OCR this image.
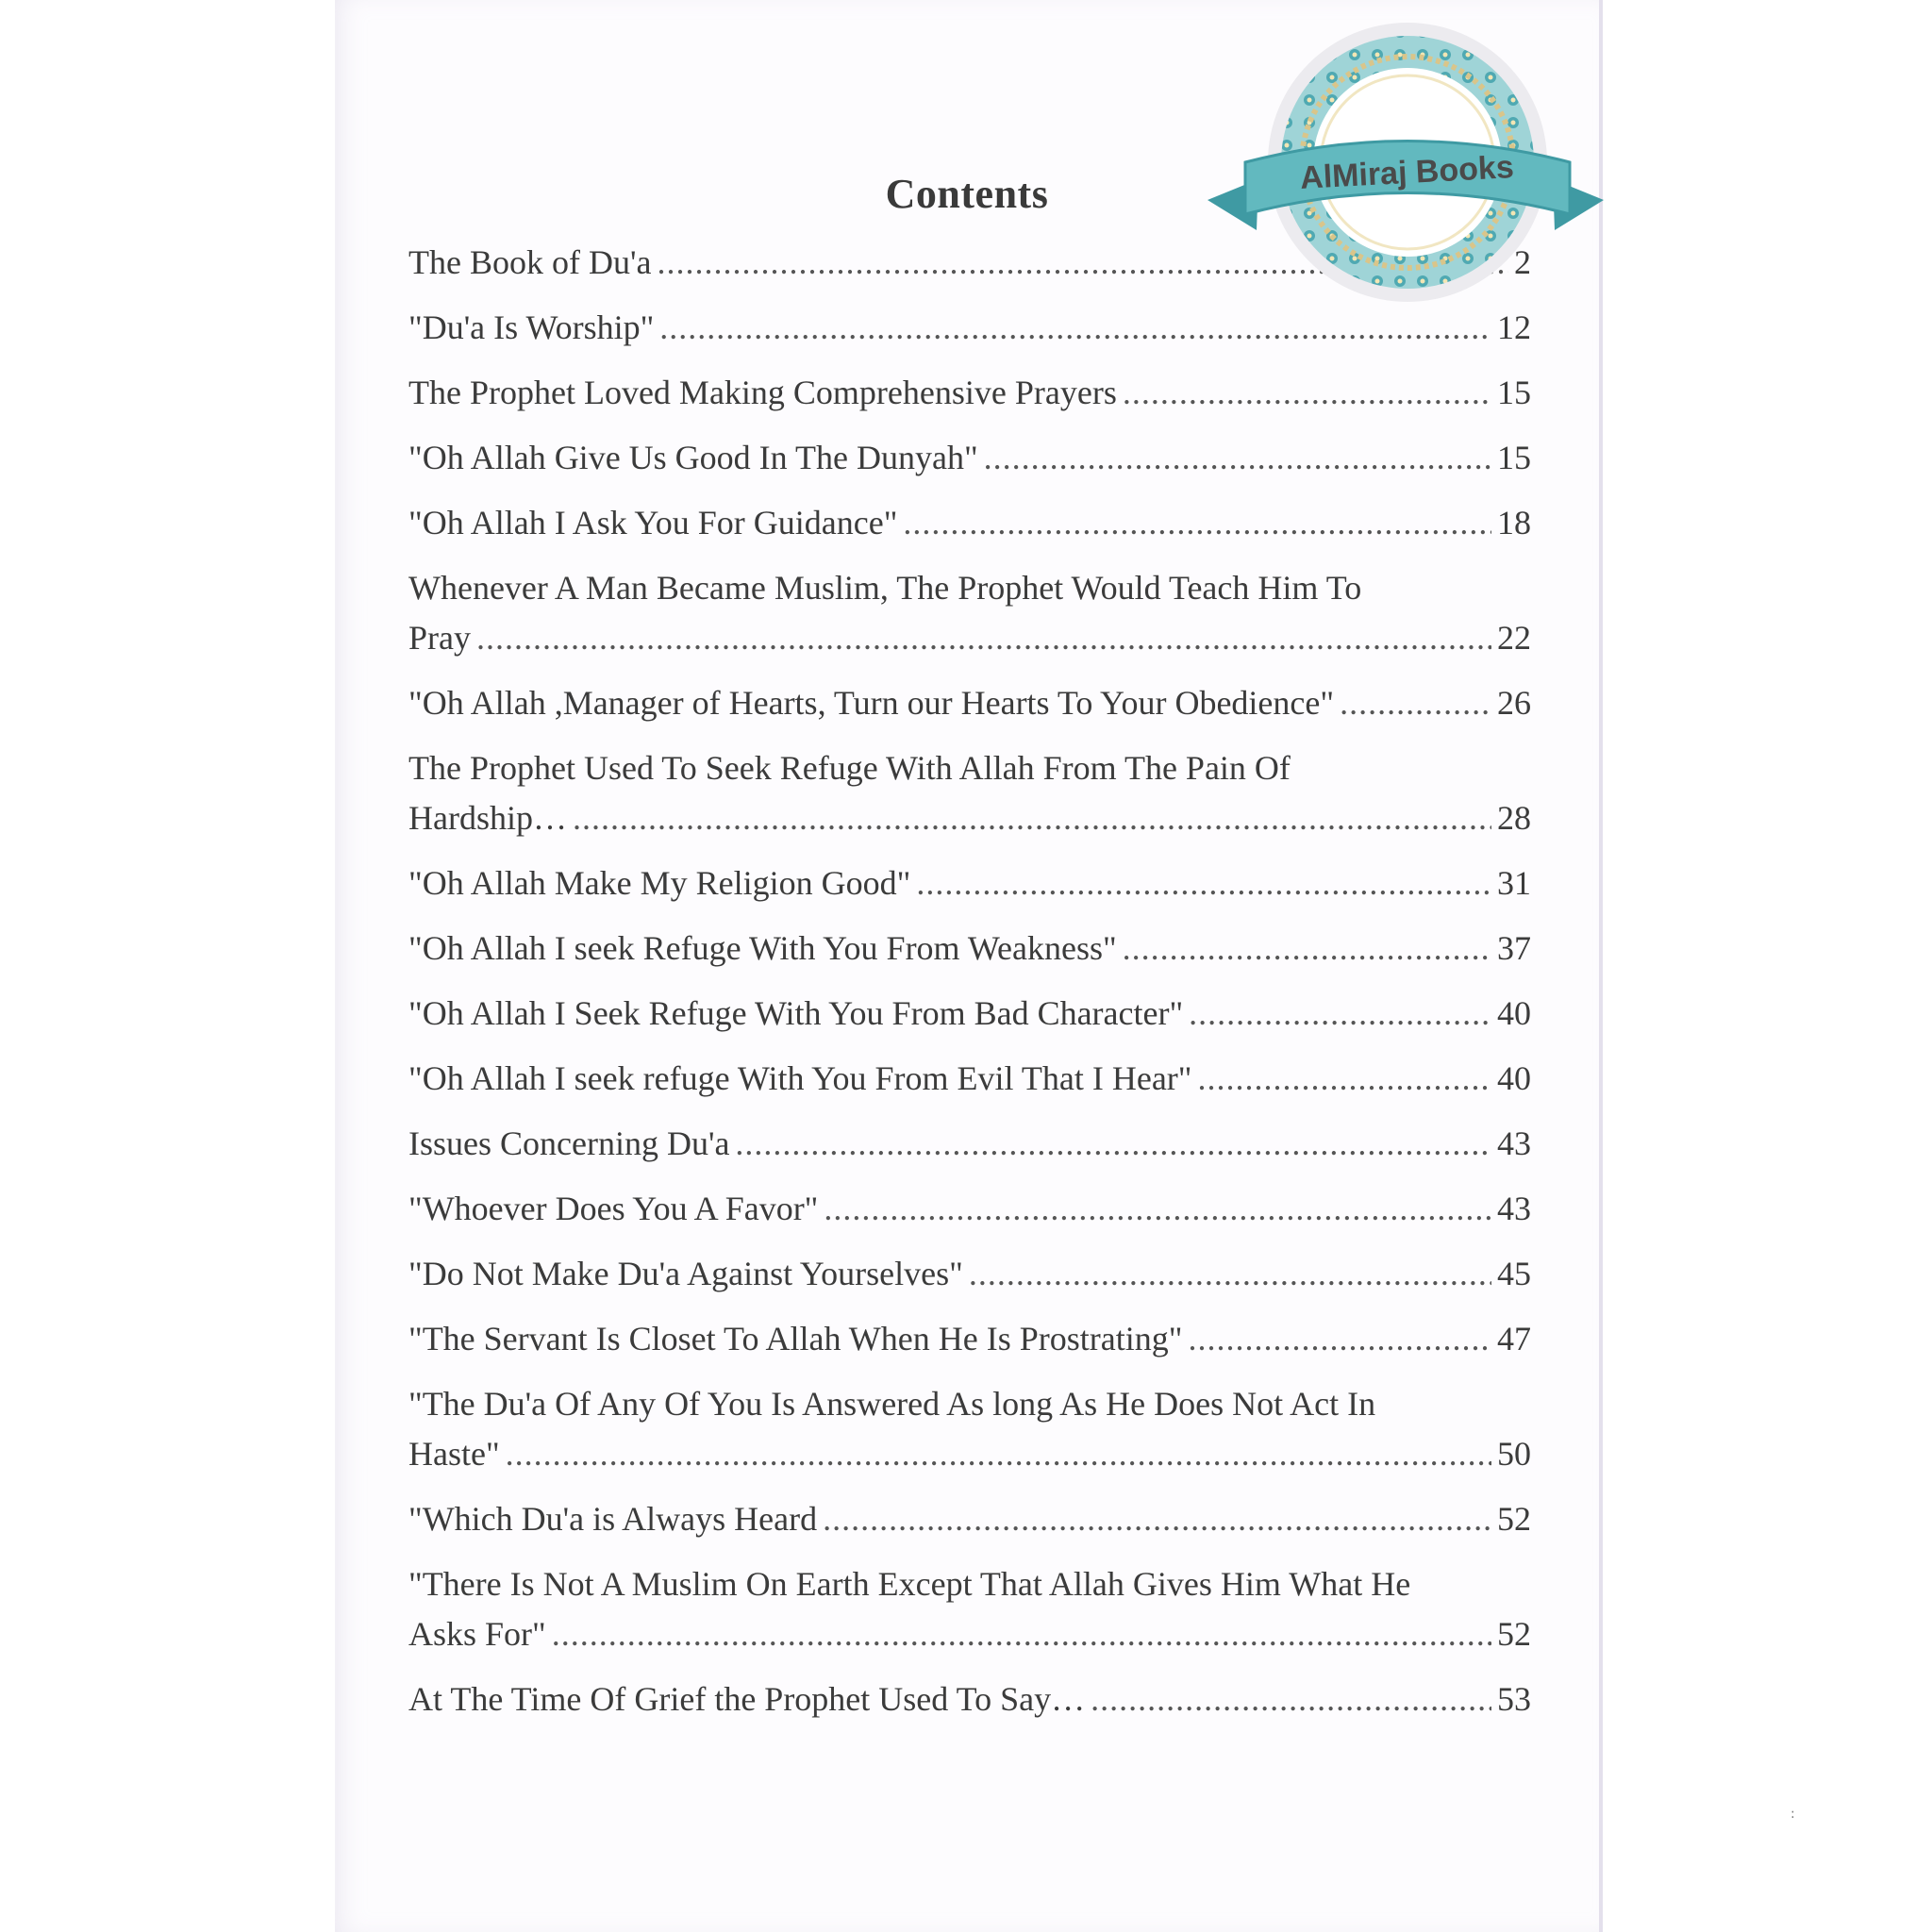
Contents
The Book of Du'a .....	2
"Du'a Is Worship" .....	12
The Prophet Loved Making Comprehensive Prayers .....	15
"Oh Allah Give Us Good In The Dunyah" .....	15
"Oh Allah I Ask You For Guidance" .....	18
Whenever A Man Became Muslim, The Prophet Would Teach Him To
Pray .....	22
"Oh Allah ,Manager of Hearts, Turn our Hearts To Your Obedience" .....	26
The Prophet Used To Seek Refuge With Allah From The Pain Of
Hardship… .....	28
"Oh Allah Make My Religion Good" .....	31
"Oh Allah I seek Refuge With You From Weakness" .....	37
"Oh Allah I Seek Refuge With You From Bad Character" .....	40
"Oh Allah I seek refuge With You From Evil That I Hear" .....	40
Issues Concerning Du'a .....	43
"Whoever Does You A Favor" .....	43
"Do Not Make Du'a Against Yourselves" .....	45
"The Servant Is Closet To Allah When He Is Prostrating" .....	47
"The Du'a Of Any Of You Is Answered As long As He Does Not Act In
Haste" .....	50
"Which Du'a is Always Heard .....	52
"There Is Not A Muslim On Earth Except That Allah Gives Him What He
Asks For" .....	52
At The Time Of Grief the Prophet Used To Say… .....	53
:
AlMiraj Books
